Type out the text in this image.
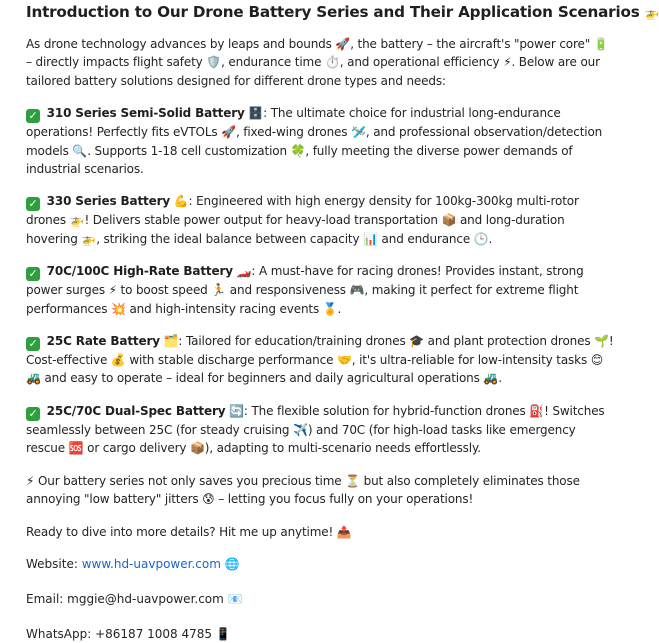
Introduction to Our Drone Battery Series and Their Application Scenarios 🚁

As drone technology advances by leaps and bounds 🚀, the battery – the aircraft's "power core" 🔋 – directly impacts flight safety 🛡️, endurance time ⏱️, and operational efficiency ⚡. Below are our tailored battery solutions designed for different drone types and needs:

✓ 310 Series Semi-Solid Battery 🗄️: The ultimate choice for industrial long-endurance operations! Perfectly fits eVTOLs 🚀, fixed-wing drones 🛩️, and professional observation/detection models 🔍. Supports 1-18 cell customization 🍀, fully meeting the diverse power demands of industrial scenarios.

✓ 330 Series Battery 💪: Engineered with high energy density for 100kg-300kg multi-rotor drones 🚁! Delivers stable power output for heavy-load transportation 📦 and long-duration hovering 🚁, striking the ideal balance between capacity 📊 and endurance 🕒.

✓ 70C/100C High-Rate Battery 🏎️: A must-have for racing drones! Provides instant, strong power surges ⚡ to boost speed 🏃 and responsiveness 🎮, making it perfect for extreme flight performances 💥 and high-intensity racing events 🏅.

✓ 25C Rate Battery 🗂️: Tailored for education/training drones 🎓 and plant protection drones 🌱! Cost-effective 💰 with stable discharge performance 🤝, it's ultra-reliable for low-intensity tasks 😊🚜 and easy to operate – ideal for beginners and daily agricultural operations 🚜.

✓ 25C/70C Dual-Spec Battery 🔄: The flexible solution for hybrid-function drones ⛽! Switches seamlessly between 25C (for steady cruising ✈️) and 70C (for high-load tasks like emergency rescue 🆘 or cargo delivery 📦), adapting to multi-scenario needs effortlessly.

⚡ Our battery series not only saves you precious time ⏳ but also completely eliminates those annoying "low battery" jitters 😰 – letting you focus fully on your operations!

Ready to dive into more details? Hit me up anytime! 📤

Website: www.hd-uavpower.com 🌐

Email: mggie@hd-uavpower.com 📧

WhatsApp: +86187 1008 4785 📱
